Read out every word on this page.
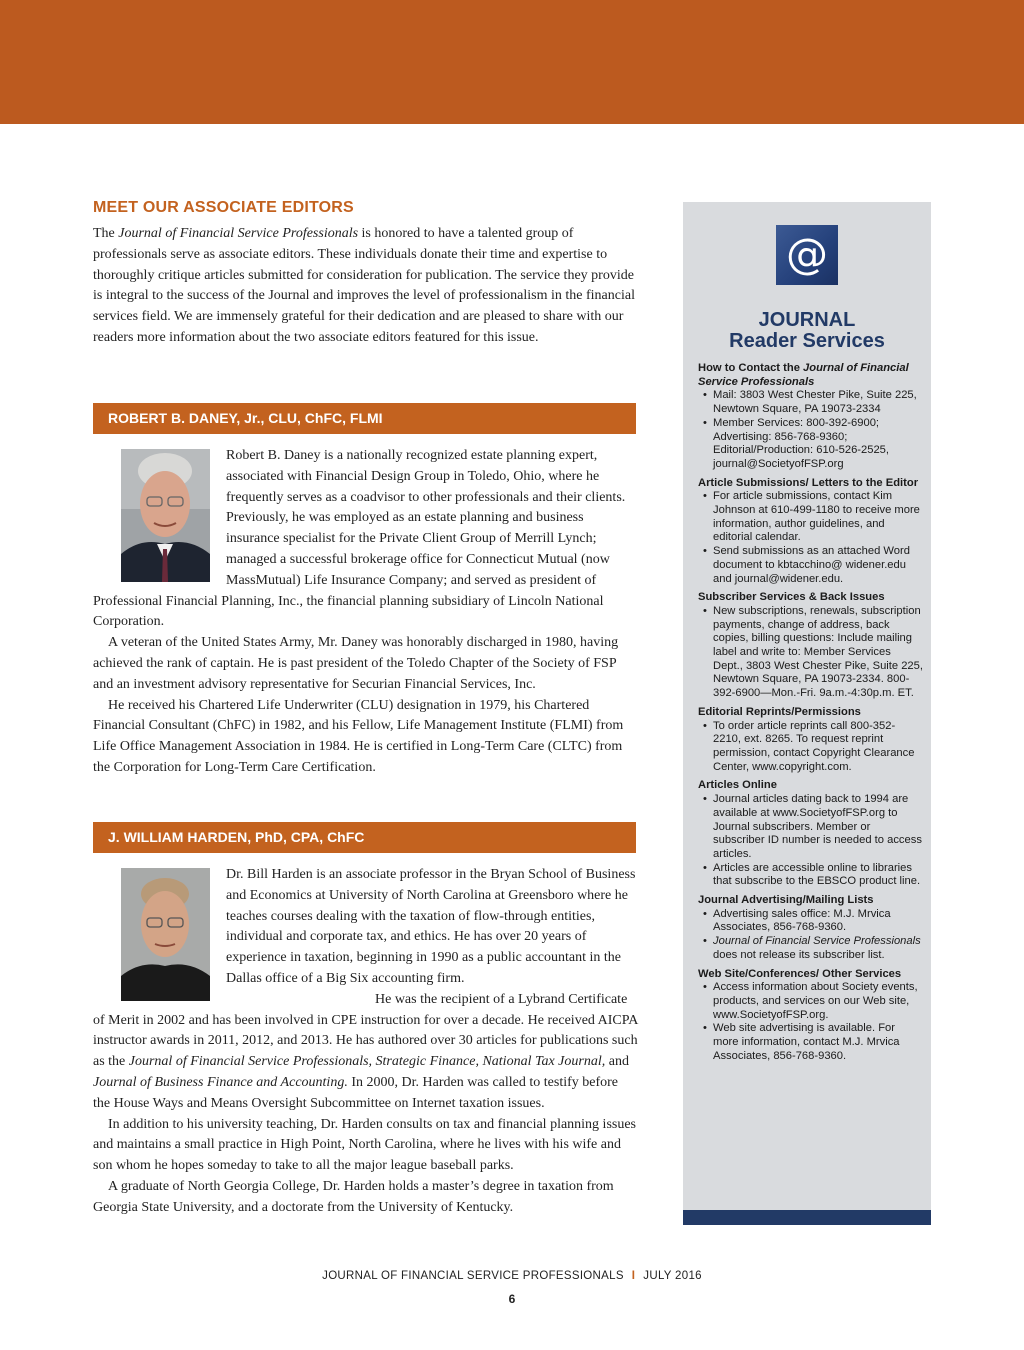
MEET OUR ASSOCIATE EDITORS

The Journal of Financial Service Professionals is honored to have a talented group of professionals serve as associate editors. These individuals donate their time and expertise to thoroughly critique articles submitted for consideration for publication. The service they provide is integral to the success of the Journal and improves the level of professionalism in the financial services field. We are immensely grateful for their dedication and are pleased to share with our readers more information about the two associate editors featured for this issue.

ROBERT B. DANEY, Jr., CLU, ChFC, FLMI

Robert B. Daney is a nationally recognized estate planning expert, associated with Financial Design Group in Toledo, Ohio, where he frequently serves as a coadvisor to other professionals and their clients. Previously, he was employed as an estate planning and business insurance specialist for the Private Client Group of Merrill Lynch; managed a successful brokerage office for Connecticut Mutual (now MassMutual) Life Insurance Company; and served as president of Professional Financial Planning, Inc., the financial planning subsidiary of Lincoln National Corporation.

A veteran of the United States Army, Mr. Daney was honorably discharged in 1980, having achieved the rank of captain. He is past president of the Toledo Chapter of the Society of FSP and an investment advisory representative for Securian Financial Services, Inc.

He received his Chartered Life Underwriter (CLU) designation in 1979, his Chartered Financial Consultant (ChFC) in 1982, and his Fellow, Life Management Institute (FLMI) from Life Office Management Association in 1984. He is certified in Long-Term Care (CLTC) from the Corporation for Long-Term Care Certification.

J. WILLIAM HARDEN, PhD, CPA, ChFC

Dr. Bill Harden is an associate professor in the Bryan School of Business and Economics at University of North Carolina at Greensboro where he teaches courses dealing with the taxation of flow-through entities, individual and corporate tax, and ethics. He has over 20 years of experience in taxation, beginning in 1990 as a public accountant in the Dallas office of a Big Six accounting firm.

He was the recipient of a Lybrand Certificate of Merit in 2002 and has been involved in CPE instruction for over a decade. He received AICPA instructor awards in 2011, 2012, and 2013. He has authored over 30 articles for publications such as the Journal of Financial Service Professionals, Strategic Finance, National Tax Journal, and Journal of Business Finance and Accounting. In 2000, Dr. Harden was called to testify before the House Ways and Means Oversight Subcommittee on Internet taxation issues.

In addition to his university teaching, Dr. Harden consults on tax and financial planning issues and maintains a small practice in High Point, North Carolina, where he lives with his wife and son whom he hopes someday to take to all the major league baseball parks.

A graduate of North Georgia College, Dr. Harden holds a master’s degree in taxation from Georgia State University, and a doctorate from the University of Kentucky.

@
JOURNAL
Reader Services
How to Contact the Journal of Financial Service Professionals
• Mail: 3803 West Chester Pike, Suite 225, Newtown Square, PA 19073-2334
• Member Services: 800-392-6900; Advertising: 856-768-9360; Editorial/Production: 610-526-2525, journal@SocietyofFSP.org
Article Submissions/ Letters to the Editor
• For article submissions, contact Kim Johnson at 610-499-1180 to receive more information, author guidelines, and editorial calendar.
• Send submissions as an attached Word document to kbtacchino@ widener.edu and journal@widener.edu.
Subscriber Services & Back Issues
• New subscriptions, renewals, subscription payments, change of address, back copies, billing questions: Include mailing label and write to: Member Services Dept., 3803 West Chester Pike, Suite 225, Newtown Square, PA 19073-2334. 800-392-6900—Mon.-Fri. 9a.m.-4:30p.m. ET.
Editorial Reprints/Permissions
• To order article reprints call 800-352-2210, ext. 8265. To request reprint permission, contact Copyright Clearance Center, www.copyright.com.
Articles Online
• Journal articles dating back to 1994 are available at www.SocietyofFSP.org to Journal subscribers. Member or subscriber ID number is needed to access articles.
• Articles are accessible online to libraries that subscribe to the EBSCO product line.
Journal Advertising/Mailing Lists
• Advertising sales office: M.J. Mrvica Associates, 856-768-9360.
• Journal of Financial Service Professionals does not release its subscriber list.
Web Site/Conferences/ Other Services
• Access information about Society events, products, and services on our Web site, www.SocietyofFSP.org.
• Web site advertising is available. For more information, contact M.J. Mrvica Associates, 856-768-9360.
JOURNAL OF FINANCIAL SERVICE PROFESSIONALS I JULY 2016
6
